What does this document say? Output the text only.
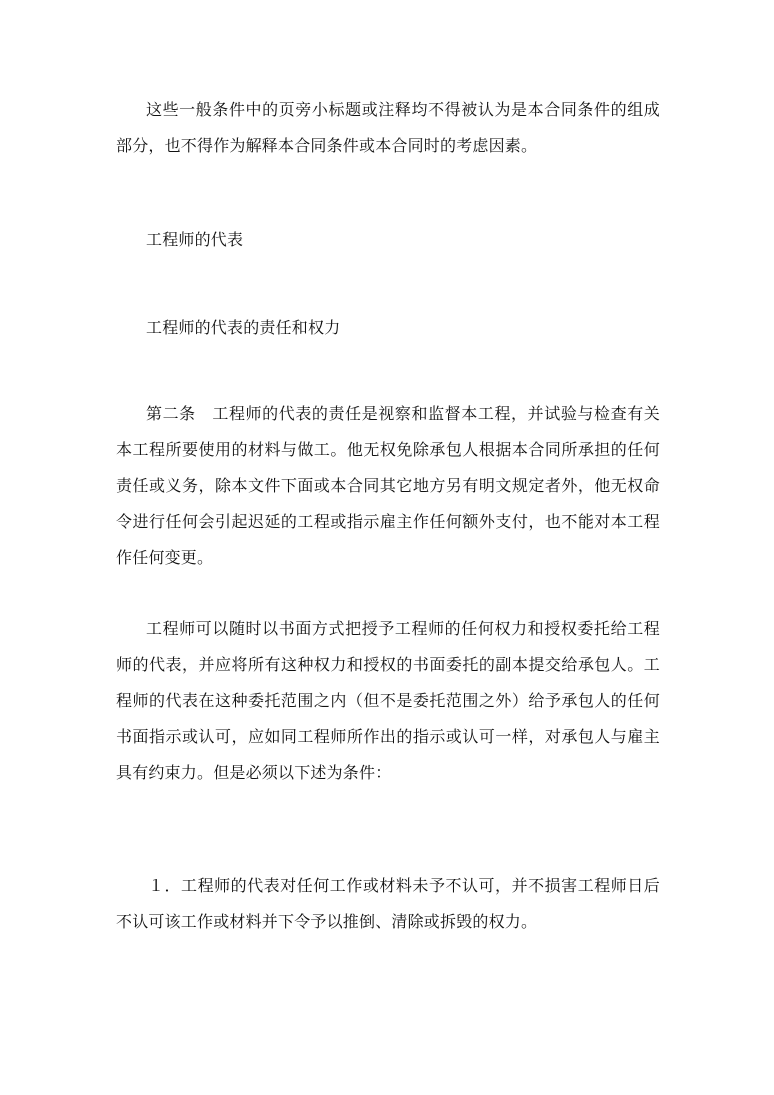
这些一般条件中的页旁小标题或注释均不得被认为是本合同条件的组成部分，也不得作为解释本合同条件或本合同时的考虑因素。

工程师的代表

工程师的代表的责任和权力

第二条　工程师的代表的责任是视察和监督本工程，并试验与检查有关本工程所要使用的材料与做工。他无权免除承包人根据本合同所承担的任何责任或义务，除本文件下面或本合同其它地方另有明文规定者外，他无权命令进行任何会引起迟延的工程或指示雇主作任何额外支付，也不能对本工程作任何变更。

工程师可以随时以书面方式把授予工程师的任何权力和授权委托给工程师的代表，并应将所有这种权力和授权的书面委托的副本提交给承包人。工程师的代表在这种委托范围之内（但不是委托范围之外）给予承包人的任何书面指示或认可，应如同工程师所作出的指示或认可一样，对承包人与雇主具有约束力。但是必须以下述为条件：

１．工程师的代表对任何工作或材料未予不认可，并不损害工程师日后不认可该工作或材料并下令予以推倒、清除或拆毁的权力。
